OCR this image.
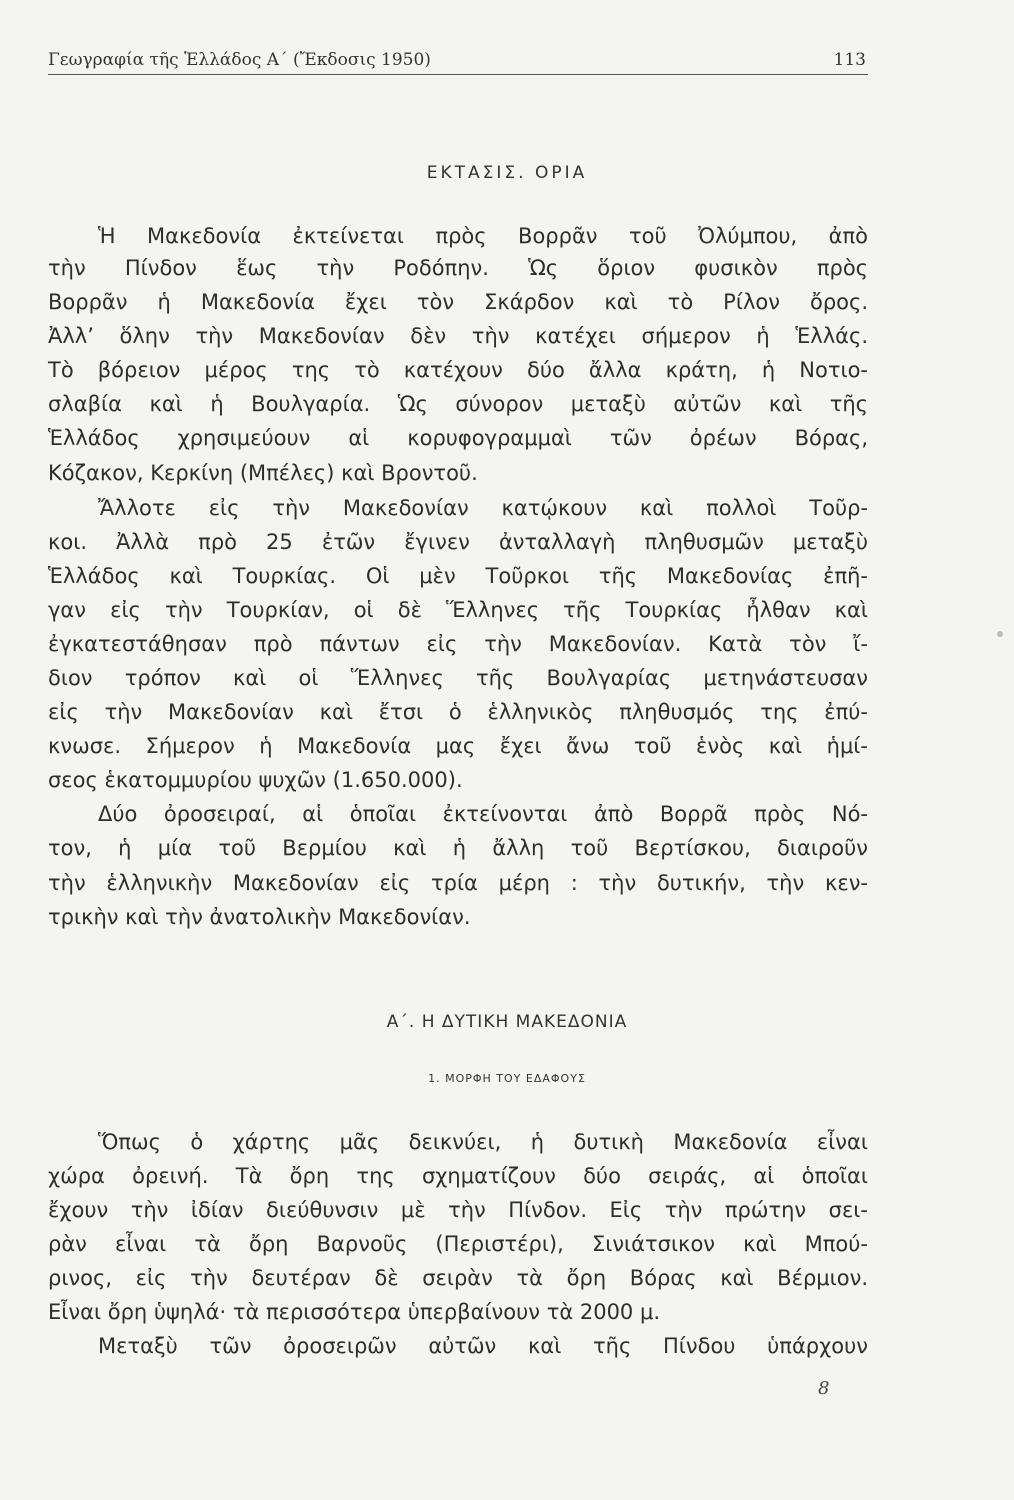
Γεωγραφία τῆς Ἑλλάδος Α΄ (Ἔκδοσις 1950)	113
ΕΚΤΑΣΙΣ. ΟΡΙΑ
Ἡ Μακεδονία ἐκτείνεται πρὸς Βορρᾶν τοῦ Ὀλύμπου, ἀπὸ
τὴν Πίνδον ἕως τὴν Ροδόπην. Ὡς ὅριον φυσικὸν πρὸς
Βορρᾶν ἡ Μακεδονία ἔχει τὸν Σκάρδον καὶ τὸ Ρίλον ὄρος.
Ἀλλ’ ὅλην τὴν Μακεδονίαν δὲν τὴν κατέχει σήμερον ἡ Ἑλλάς.
Τὸ βόρειον μέρος της τὸ κατέχουν δύο ἄλλα κράτη, ἡ Νοτιο-
σλαβία καὶ ἡ Βουλγαρία. Ὡς σύνορον μεταξὺ αὐτῶν καὶ τῆς
Ἑλλάδος χρησιμεύουν αἱ κορυφογραμμαὶ τῶν ὀρέων Βόρας,
Κόζακον, Κερκίνη (Μπέλες) καὶ Βροντοῦ.
Ἄλλοτε εἰς τὴν Μακεδονίαν κατῴκουν καὶ πολλοὶ Τοῦρ-
κοι. Ἀλλὰ πρὸ 25 ἐτῶν ἔγινεν ἀνταλλαγὴ πληθυσμῶν μεταξὺ
Ἑλλάδος καὶ Τουρκίας. Οἱ μὲν Τοῦρκοι τῆς Μακεδονίας ἐπῆ-
γαν εἰς τὴν Τουρκίαν, οἱ δὲ Ἕλληνες τῆς Τουρκίας ἦλθαν καὶ
ἐγκατεστάθησαν πρὸ πάντων εἰς τὴν Μακεδονίαν. Κατὰ τὸν ἴ-
διον τρόπον καὶ οἱ Ἕλληνες τῆς Βουλγαρίας μετηνάστευσαν
εἰς τὴν Μακεδονίαν καὶ ἔτσι ὁ ἑλληνικὸς πληθυσμός της ἐπύ-
κνωσε. Σήμερον ἡ Μακεδονία μας ἔχει ἄνω τοῦ ἑνὸς καὶ ἡμί-
σεος ἑκατομμυρίου ψυχῶν (1.650.000).
Δύο ὀροσειραί, αἱ ὁποῖαι ἐκτείνονται ἀπὸ Βορρᾶ πρὸς Νό-
τον, ἡ μία τοῦ Βερμίου καὶ ἡ ἄλλη τοῦ Βερτίσκου, διαιροῦν
τὴν ἑλληνικὴν Μακεδονίαν εἰς τρία μέρη : τὴν δυτικήν, τὴν κεν-
τρικὴν καὶ τὴν ἀνατολικὴν Μακεδονίαν.
Α΄. Η ΔΥΤΙΚΗ ΜΑΚΕΔΟΝΙΑ
1. ΜΟΡΦΗ ΤΟΥ ΕΔΑΦΟΥΣ
Ὅπως ὁ χάρτης μᾶς δεικνύει, ἡ δυτικὴ Μακεδονία εἶναι
χώρα ὀρεινή. Τὰ ὄρη της σχηματίζουν δύο σειράς, αἱ ὁποῖαι
ἔχουν τὴν ἰδίαν διεύθυνσιν μὲ τὴν Πίνδον. Εἰς τὴν πρώτην σει-
ρὰν εἶναι τὰ ὄρη Βαρνοῦς (Περιστέρι), Σινιάτσικον καὶ Μπού-
ρινος, εἰς τὴν δευτέραν δὲ σειρὰν τὰ ὄρη Βόρας καὶ Βέρμιον.
Εἶναι ὄρη ὑψηλά· τὰ περισσότερα ὑπερβαίνουν τὰ 2000 μ.
Μεταξὺ τῶν ὀροσειρῶν αὐτῶν καὶ τῆς Πίνδου ὑπάρχουν
8
